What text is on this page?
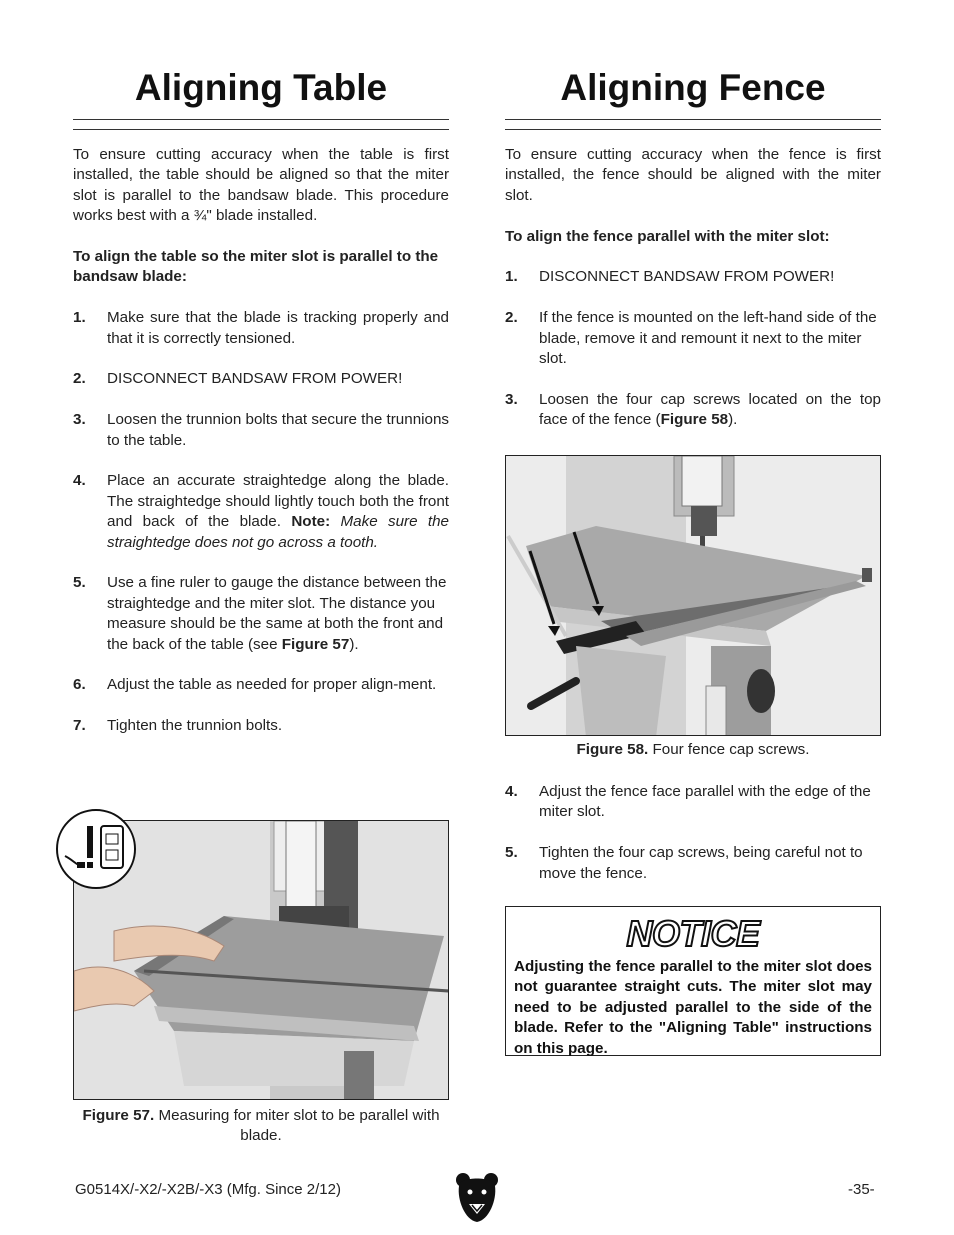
Aligning Table

To ensure cutting accuracy when the table is first installed, the table should be aligned so that the miter slot is parallel to the bandsaw blade. This procedure works best with a ¾" blade installed.

To align the table so the miter slot is parallel to the bandsaw blade:

1.	Make sure that the blade is tracking properly and that it is correctly tensioned.
2.	DISCONNECT BANDSAW FROM POWER!
3.	Loosen the trunnion bolts that secure the trunnions to the table.
4.	Place an accurate straightedge along the blade. The straightedge should lightly touch both the front and back of the blade. Note: Make sure the straightedge does not go across a tooth.
5.	Use a fine ruler to gauge the distance between the straightedge and the miter slot. The distance you measure should be the same at both the front and the back of the table (see Figure 57).
6.	Adjust the table as needed for proper align-ment.
7.	Tighten the trunnion bolts.
Figure 57. Measuring for miter slot to be parallel with blade.
Aligning Fence

To ensure cutting accuracy when the fence is first installed, the fence should be aligned with the miter slot.

To align the fence parallel with the miter slot:

1.	DISCONNECT BANDSAW FROM POWER!
2.	If the fence is mounted on the left-hand side of the blade, remove it and remount it next to the miter slot.
3.	Loosen the four cap screws located on the top face of the fence (Figure 58).
Figure 58. Four fence cap screws.
4.	Adjust the fence face parallel with the edge of the miter slot.
5.	Tighten the four cap screws, being careful not to move the fence.
NOTICE
Adjusting the fence parallel to the miter slot does not guarantee straight cuts. The miter slot may need to be adjusted parallel to the side of the blade. Refer to the "Aligning Table" instructions on this page.
G0514X/-X2/-X2B/-X3 (Mfg. Since 2/12)	-35-
